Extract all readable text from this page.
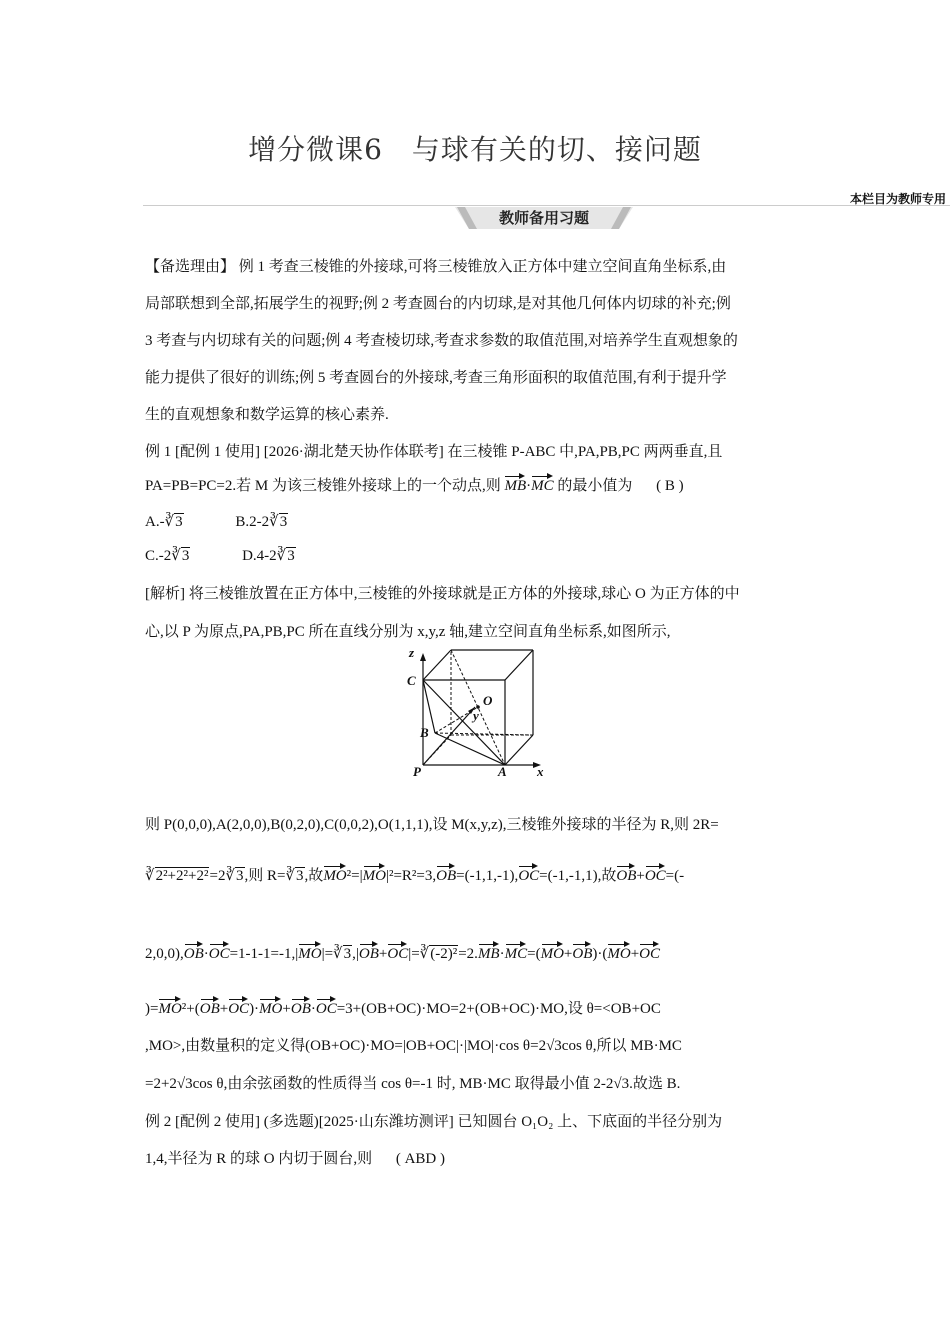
增分微课6　与球有关的切、接问题
本栏目为教师专用
教师备用习题
【备选理由】 例 1 考查三棱锥的外接球,可将三棱锥放入正方体中建立空间直角坐标系,由
局部联想到全部,拓展学生的视野;例 2 考查圆台的内切球,是对其他几何体内切球的补充;例
3 考查与内切球有关的问题;例 4 考查棱切球,考查求参数的取值范围,对培养学生直观想象的
能力提供了很好的训练;例 5 考查圆台的外接球,考查三角形面积的取值范围,有利于提升学
生的直观想象和数学运算的核心素养.
例 1 [配例 1 使用] [2026·湖北楚天协作体联考] 在三棱锥 P-ABC 中,PA,PB,PC 两两垂直,且
PA=PB=PC=2.若 M 为该三棱锥外接球上的一个动点,则 MB·MC 的最小值为 ( B )
A.-∛3	B.2-2∛3
C.-2∛3	D.4-2∛3
[解析] 将三棱锥放置在正方体中,三棱锥的外接球就是正方体的外接球,球心 O 为正方体的中
心,以 P 为原点,PA,PB,PC 所在直线分别为 x,y,z 轴,建立空间直角坐标系,如图所示,
z
C
O
y
B
P	A x
则 P(0,0,0),A(2,0,0),B(0,2,0),C(0,0,2),O(1,1,1),设 M(x,y,z),三棱锥外接球的半径为 R,则 2R=
∛2²+2²+2²=2∛3,则 R=∛3,故MO²=|MO|²=R²=3,OB=(-1,1,-1),OC=(-1,-1,1),故OB+OC=(-
2,0,0),OB·OC=1-1-1=-1,|MO|=∛3,|OB+OC|=∛(-2)²=2.MB·MC=(MO+OB)·(MO+OC
)=MO²+(OB+OC)·MO+OB·OC=3+(OB+OC)·MO=2+(OB+OC)·MO,设 θ=<OB+OC
,MO>,由数量积的定义得(OB+OC)·MO=|OB+OC|·|MO|·cos θ=2√3cos θ,所以 MB·MC
=2+2√3cos θ,由余弦函数的性质得当 cos θ=-1 时, MB·MC 取得最小值 2-2√3.故选 B.
例 2 [配例 2 使用] (多选题)[2025·山东潍坊测评] 已知圆台 O₁O₂ 上、下底面的半径分别为
1,4,半径为 R 的球 O 内切于圆台,则 ( ABD )
